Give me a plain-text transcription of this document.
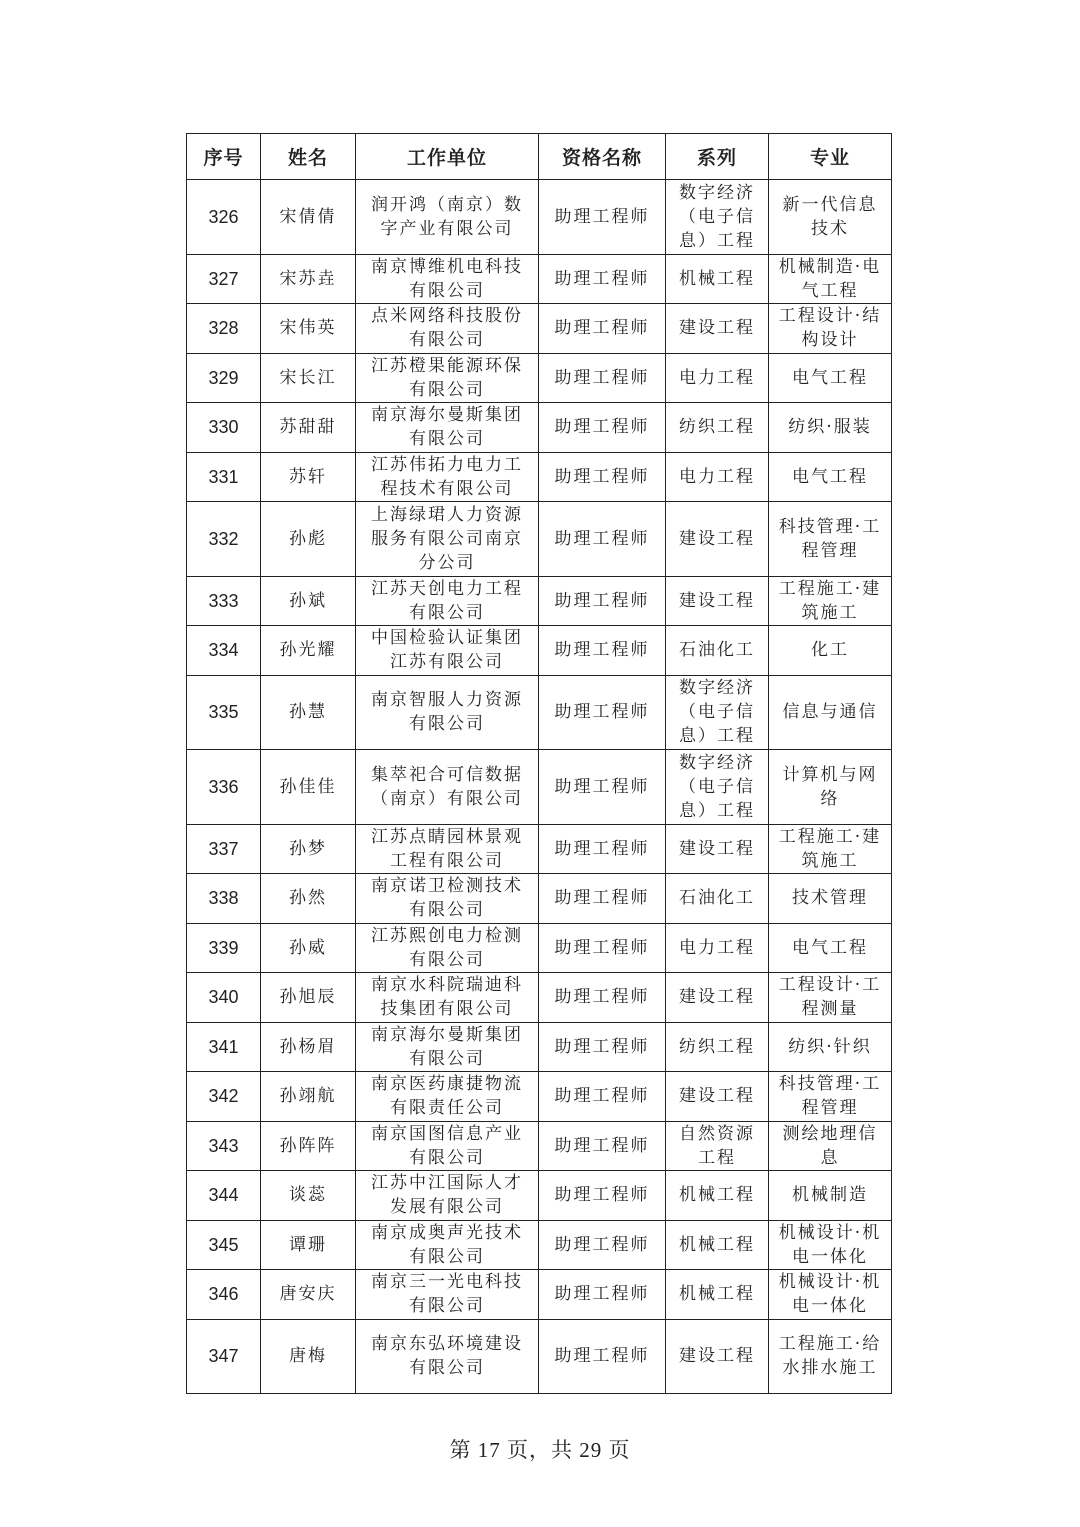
序号	姓名	工作单位	资格名称	系列	专业
326	宋倩倩	润开鸿（南京）数字产业有限公司	助理工程师	数字经济（电子信息）工程	新一代信息技术
327	宋苏垚	南京博维机电科技有限公司	助理工程师	机械工程	机械制造·电气工程
328	宋伟英	点米网络科技股份有限公司	助理工程师	建设工程	工程设计·结构设计
329	宋长江	江苏橙果能源环保有限公司	助理工程师	电力工程	电气工程
330	苏甜甜	南京海尔曼斯集团有限公司	助理工程师	纺织工程	纺织·服装
331	苏轩	江苏伟拓力电力工程技术有限公司	助理工程师	电力工程	电气工程
332	孙彪	上海绿珺人力资源服务有限公司南京分公司	助理工程师	建设工程	科技管理·工程管理
333	孙斌	江苏天创电力工程有限公司	助理工程师	建设工程	工程施工·建筑施工
334	孙光耀	中国检验认证集团江苏有限公司	助理工程师	石油化工	化工
335	孙慧	南京智服人力资源有限公司	助理工程师	数字经济（电子信息）工程	信息与通信
336	孙佳佳	集萃祀合可信数据（南京）有限公司	助理工程师	数字经济（电子信息）工程	计算机与网络
337	孙梦	江苏点睛园林景观工程有限公司	助理工程师	建设工程	工程施工·建筑施工
338	孙然	南京诺卫检测技术有限公司	助理工程师	石油化工	技术管理
339	孙威	江苏熙创电力检测有限公司	助理工程师	电力工程	电气工程
340	孙旭辰	南京水科院瑞迪科技集团有限公司	助理工程师	建设工程	工程设计·工程测量
341	孙杨眉	南京海尔曼斯集团有限公司	助理工程师	纺织工程	纺织·针织
342	孙翊航	南京医药康捷物流有限责任公司	助理工程师	建设工程	科技管理·工程管理
343	孙阵阵	南京国图信息产业有限公司	助理工程师	自然资源工程	测绘地理信息
344	谈蕊	江苏中江国际人才发展有限公司	助理工程师	机械工程	机械制造
345	谭珊	南京成奥声光技术有限公司	助理工程师	机械工程	机械设计·机电一体化
346	唐安庆	南京三一光电科技有限公司	助理工程师	机械工程	机械设计·机电一体化
347	唐梅	南京东弘环境建设有限公司	助理工程师	建设工程	工程施工·给水排水施工
第 17 页，共 29 页
